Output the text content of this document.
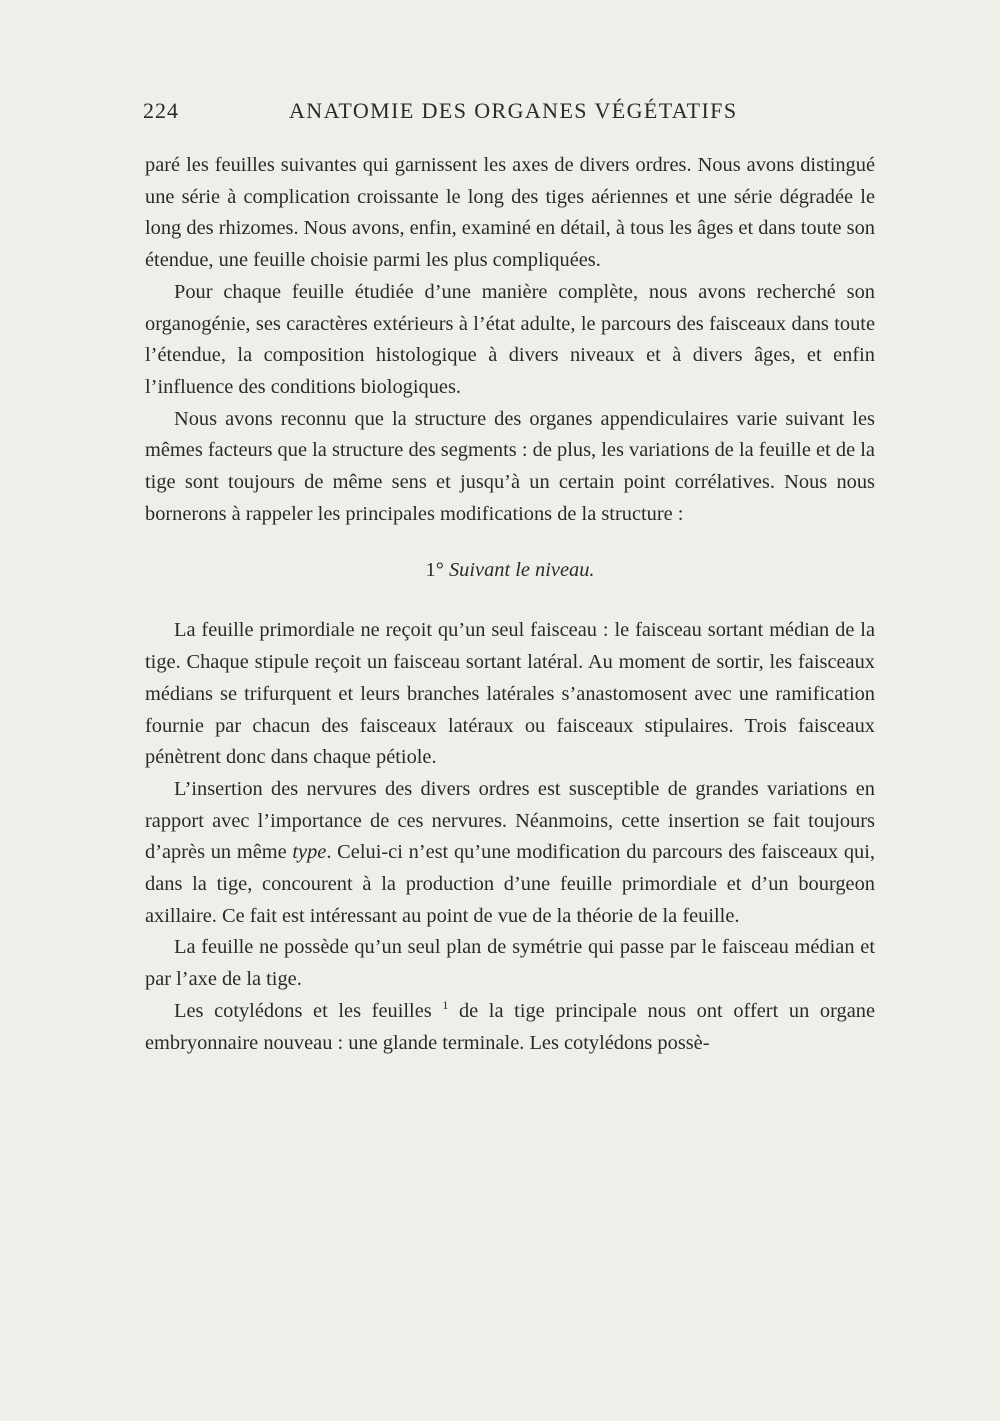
224	ANATOMIE DES ORGANES VÉGÉTATIFS

paré les feuilles suivantes qui garnissent les axes de divers ordres. Nous avons distingué une série à complication croissante le long des tiges aériennes et une série dégradée le long des rhizomes. Nous avons, enfin, examiné en détail, à tous les âges et dans toute son étendue, une feuille choisie parmi les plus compliquées.

Pour chaque feuille étudiée d’une manière complète, nous avons recherché son organogénie, ses caractères extérieurs à l’état adulte, le parcours des faisceaux dans toute l’étendue, la composition histologique à divers niveaux et à divers âges, et enfin l’influence des conditions biologiques.

Nous avons reconnu que la structure des organes appendiculaires varie suivant les mêmes facteurs que la structure des segments : de plus, les variations de la feuille et de la tige sont toujours de même sens et jusqu’à un certain point corrélatives. Nous nous bornerons à rappeler les principales modifications de la structure :

1° Suivant le niveau.

La feuille primordiale ne reçoit qu’un seul faisceau : le faisceau sortant médian de la tige. Chaque stipule reçoit un faisceau sortant latéral. Au moment de sortir, les faisceaux médians se trifurquent et leurs branches latérales s’anastomosent avec une ramification fournie par chacun des faisceaux latéraux ou faisceaux stipulaires. Trois faisceaux pénètrent donc dans chaque pétiole.

L’insertion des nervures des divers ordres est susceptible de grandes variations en rapport avec l’importance de ces nervures. Néanmoins, cette insertion se fait toujours d’après un même type. Celui-ci n’est qu’une modification du parcours des faisceaux qui, dans la tige, concourent à la production d’une feuille primordiale et d’un bourgeon axillaire. Ce fait est intéressant au point de vue de la théorie de la feuille.

La feuille ne possède qu’un seul plan de symétrie qui passe par le faisceau médian et par l’axe de la tige.

Les cotylédons et les feuilles $^1$ de la tige principale nous ont offert un organe embryonnaire nouveau : une glande terminale. Les cotylédons possè-
